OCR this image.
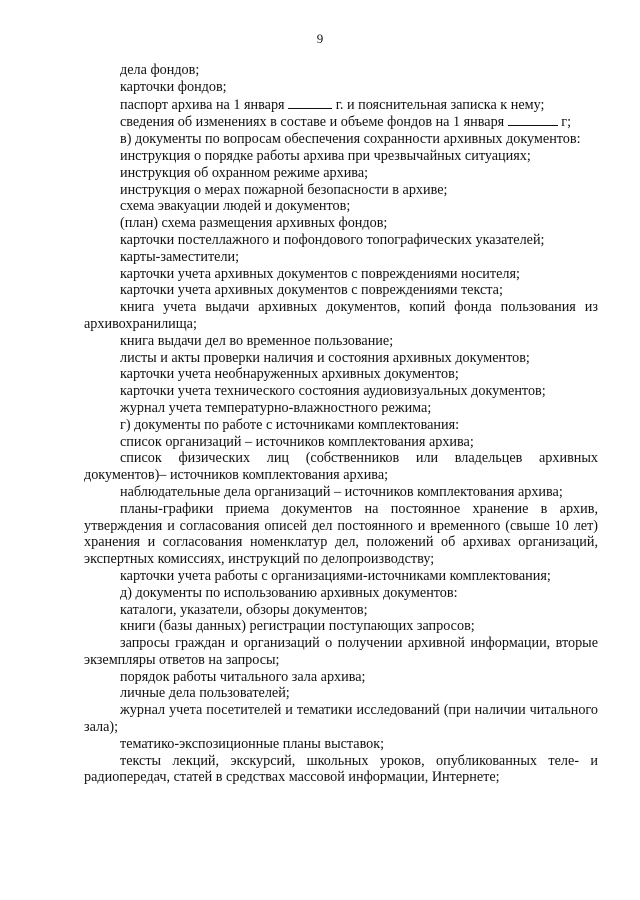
9

дела фондов;

карточки фондов;

паспорт архива на 1 января	г. и пояснительная записка к нему;

сведения об изменениях в составе и объеме фондов на 1 января	г;

в) документы по вопросам обеспечения сохранности архивных документов:

инструкция о порядке работы архива при чрезвычайных ситуациях;

инструкция об охранном режиме архива;

инструкция о мерах пожарной безопасности в архиве;

схема эвакуации людей и документов;

(план) схема размещения архивных фондов;

карточки постеллажного и пофондового топографических указателей;

карты-заместители;

карточки учета архивных документов с повреждениями носителя;

карточки учета архивных документов с повреждениями текста;

книга учета выдачи архивных документов, копий фонда пользования из архивохранилища;

книга выдачи дел во временное пользование;

листы и акты проверки наличия и состояния архивных документов;

карточки учета необнаруженных архивных документов;

карточки учета технического состояния аудиовизуальных документов;

журнал учета температурно-влажностного режима;

г) документы по работе с источниками комплектования:

список организаций – источников комплектования архива;

список физических лиц (собственников или владельцев архивных документов)– источников комплектования архива;

наблюдательные дела организаций – источников комплектования архива;

планы-графики приема документов на постоянное хранение в архив, утверждения и согласования описей дел постоянного и временного (свыше 10 лет) хранения и согласования номенклатур дел, положений об архивах организаций, экспертных комиссиях, инструкций по делопроизводству;

карточки учета работы с организациями-источниками комплектования;

д) документы по использованию архивных документов:

каталоги, указатели, обзоры документов;

книги (базы данных) регистрации поступающих запросов;

запросы граждан и организаций о получении архивной информации, вторые экземпляры ответов на запросы;

порядок работы читального зала архива;

личные дела пользователей;

журнал учета посетителей и тематики исследований (при наличии читального зала);

тематико-экспозиционные планы выставок;

тексты лекций, экскурсий, школьных уроков, опубликованных теле- и радиопередач, статей в средствах массовой информации, Интернете;
